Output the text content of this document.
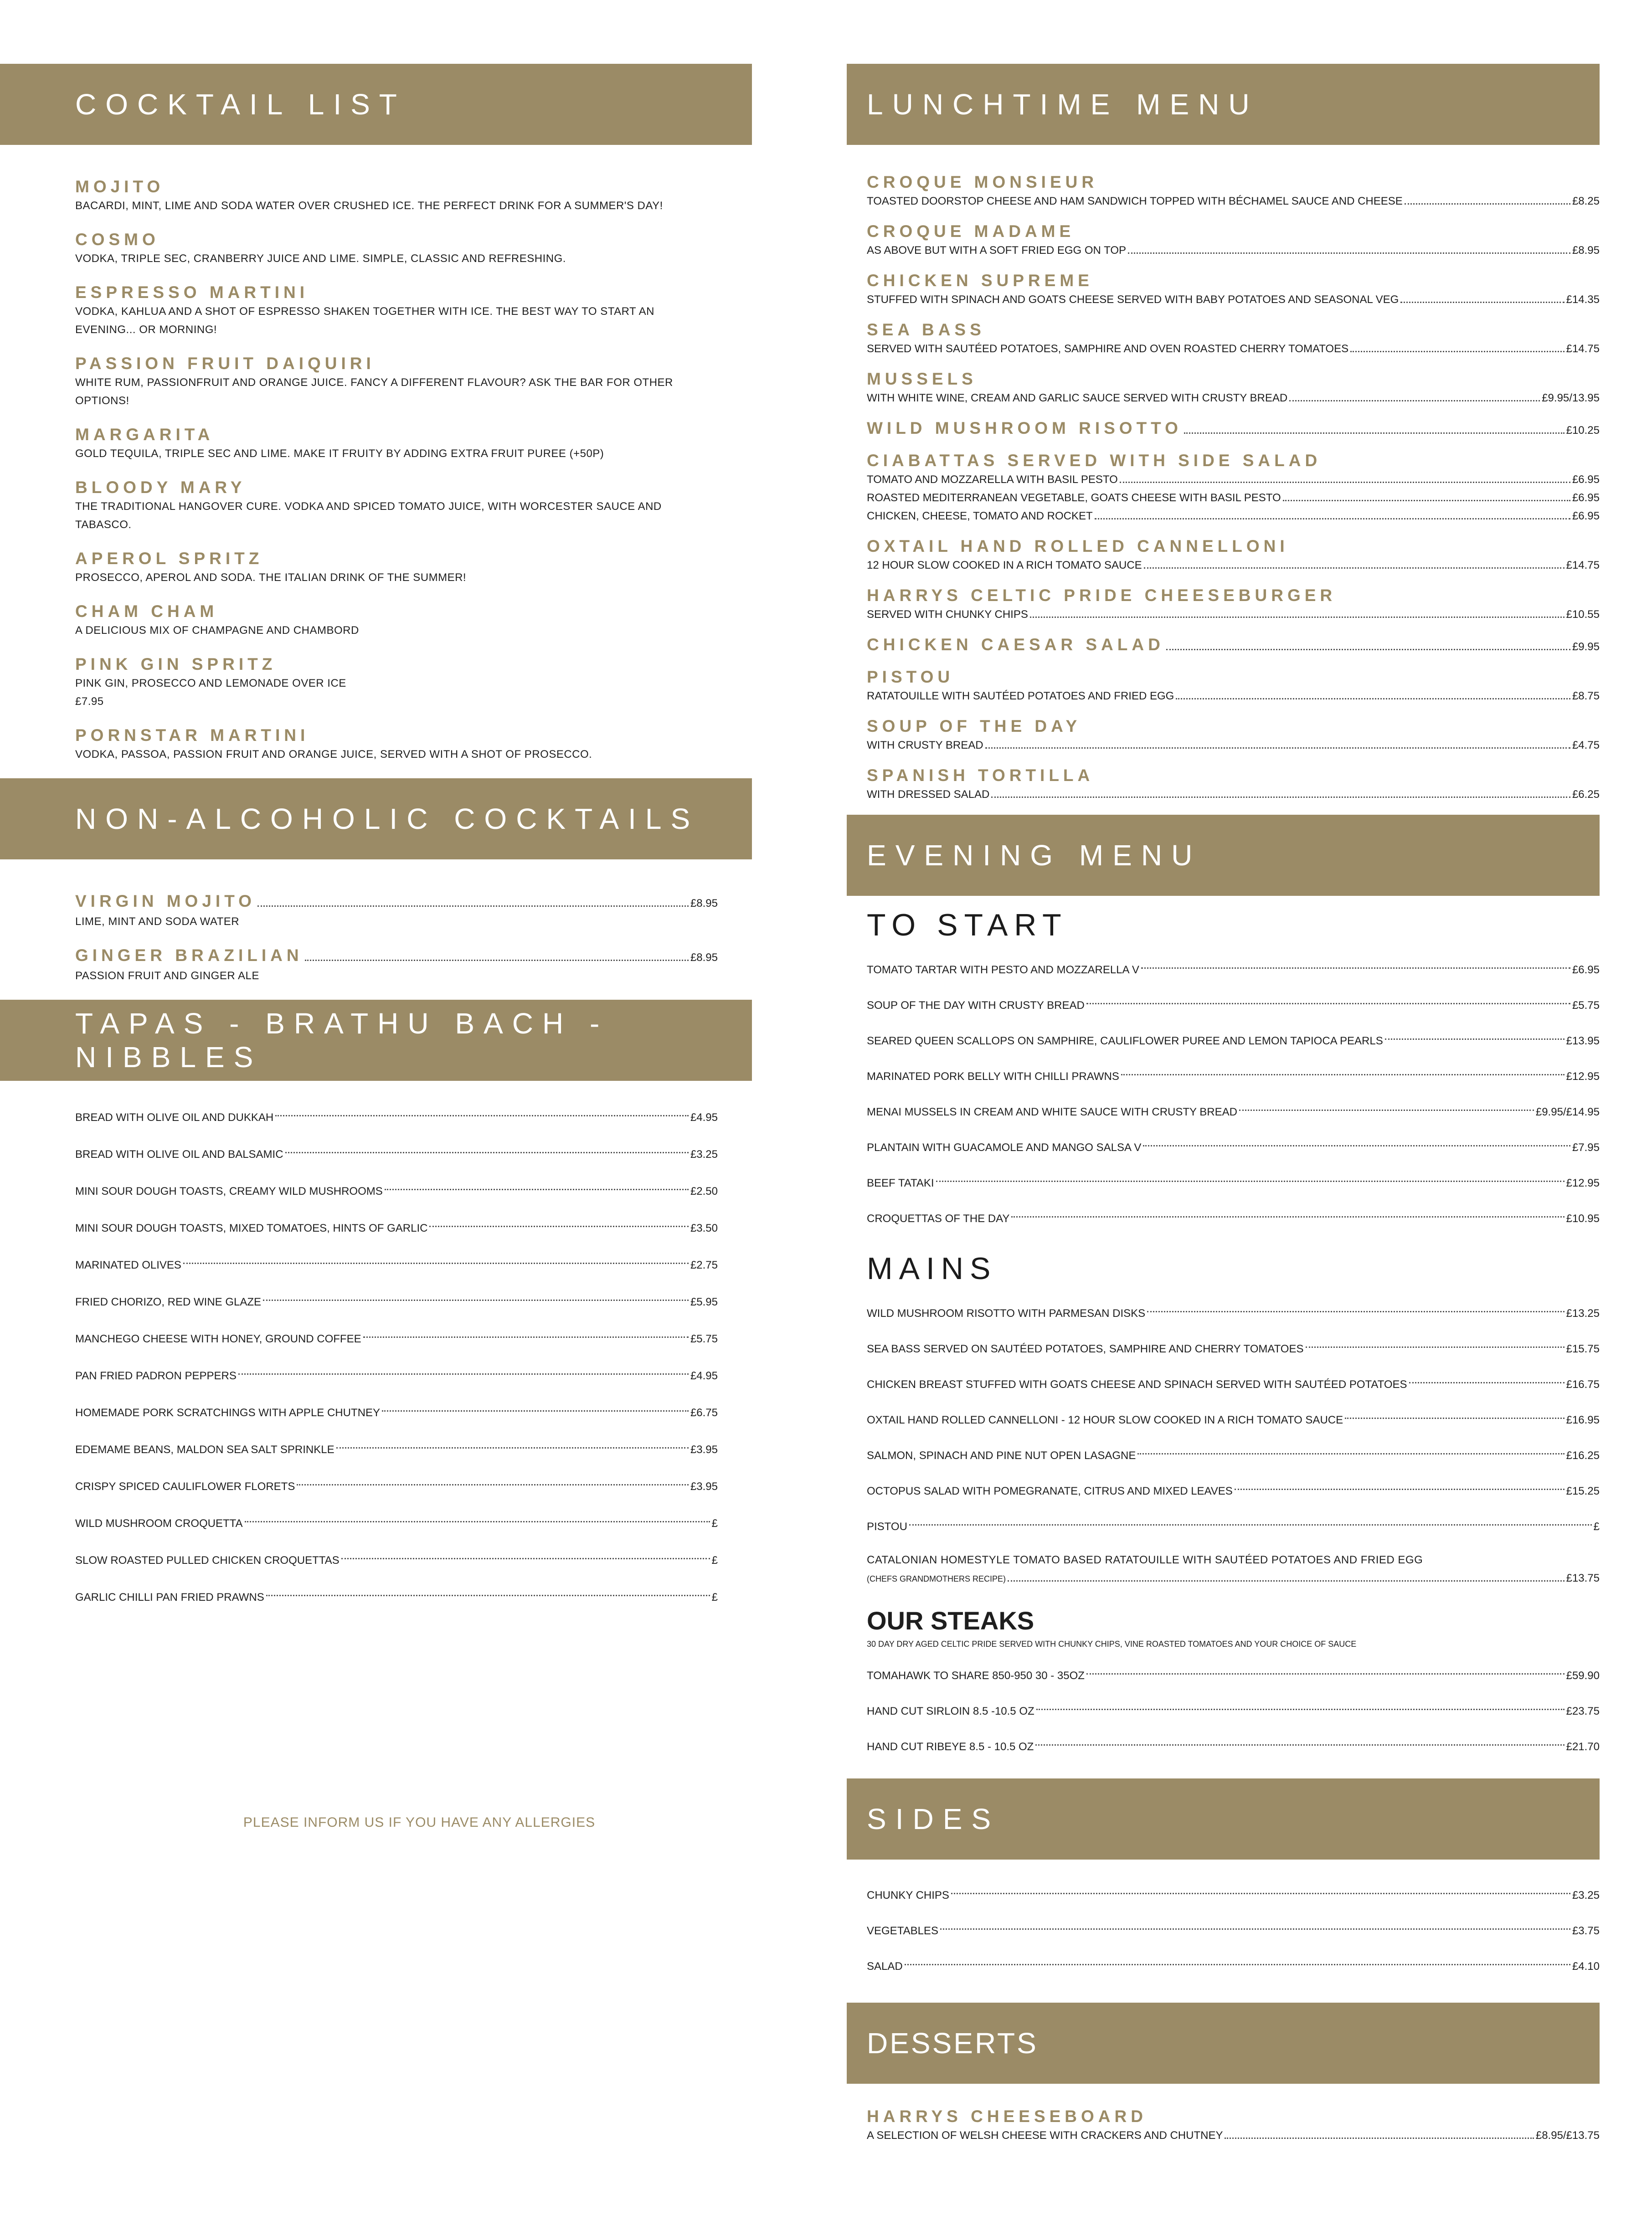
COCKTAIL LIST
MOJITO
BACARDI, MINT, LIME AND SODA WATER OVER CRUSHED ICE. THE PERFECT DRINK FOR A SUMMER'S DAY!
COSMO
VODKA, TRIPLE SEC, CRANBERRY JUICE AND LIME. SIMPLE, CLASSIC AND REFRESHING.
ESPRESSO MARTINI
VODKA, KAHLUA AND A SHOT OF ESPRESSO SHAKEN TOGETHER WITH ICE. THE BEST WAY TO START AN EVENING... OR MORNING!
PASSION FRUIT DAIQUIRI
WHITE RUM, PASSIONFRUIT AND ORANGE JUICE. FANCY A DIFFERENT FLAVOUR? ASK THE BAR FOR OTHER OPTIONS!
MARGARITA
GOLD TEQUILA, TRIPLE SEC AND LIME. MAKE IT FRUITY BY ADDING EXTRA FRUIT PUREE (+50P)
BLOODY MARY
THE TRADITIONAL HANGOVER CURE. VODKA AND SPICED TOMATO JUICE, WITH WORCESTER SAUCE AND TABASCO.
APEROL SPRITZ
PROSECCO, APEROL AND SODA. THE ITALIAN DRINK OF THE SUMMER!
CHAM CHAM
A DELICIOUS MIX OF CHAMPAGNE AND CHAMBORD
PINK GIN SPRITZ
PINK GIN, PROSECCO AND LEMONADE OVER ICE
£7.95
PORNSTAR MARTINI
VODKA, PASSOA, PASSION FRUIT AND ORANGE JUICE, SERVED WITH A SHOT OF PROSECCO.
NON-ALCOHOLIC COCKTAILS
VIRGIN MOJITO	£8.95
LIME, MINT AND SODA WATER
GINGER BRAZILIAN	£8.95
PASSION FRUIT AND GINGER ALE
TAPAS - BRATHU BACH - NIBBLES
BREAD WITH OLIVE OIL AND DUKKAH	£4.95
BREAD WITH OLIVE OIL AND BALSAMIC	£3.25
MINI SOUR DOUGH TOASTS, CREAMY WILD MUSHROOMS	£2.50
MINI SOUR DOUGH TOASTS, MIXED TOMATOES, HINTS OF GARLIC	£3.50
MARINATED OLIVES	£2.75
FRIED CHORIZO, RED WINE GLAZE	£5.95
MANCHEGO CHEESE WITH HONEY, GROUND COFFEE	£5.75
PAN FRIED PADRON PEPPERS	£4.95
HOMEMADE PORK SCRATCHINGS WITH APPLE CHUTNEY	£6.75
EDEMAME BEANS, MALDON SEA SALT SPRINKLE	£3.95
CRISPY SPICED CAULIFLOWER FLORETS	£3.95
WILD MUSHROOM CROQUETTA	£
SLOW ROASTED PULLED CHICKEN CROQUETTAS	£
GARLIC CHILLI PAN FRIED PRAWNS	£
PLEASE INFORM US IF YOU HAVE ANY ALLERGIES
LUNCHTIME MENU
CROQUE MONSIEUR
TOASTED DOORSTOP CHEESE AND HAM SANDWICH TOPPED WITH BÉCHAMEL SAUCE AND CHEESE	£8.25
CROQUE MADAME
AS ABOVE BUT WITH A SOFT FRIED EGG ON TOP	£8.95
CHICKEN SUPREME
STUFFED WITH SPINACH AND GOATS CHEESE SERVED WITH BABY POTATOES AND SEASONAL VEG	£14.35
SEA BASS
SERVED WITH SAUTÉED POTATOES, SAMPHIRE AND OVEN ROASTED CHERRY TOMATOES	£14.75
MUSSELS
WITH WHITE WINE, CREAM AND GARLIC SAUCE SERVED WITH CRUSTY BREAD	£9.95/13.95
WILD MUSHROOM RISOTTO	£10.25
CIABATTAS SERVED WITH SIDE SALAD
TOMATO AND MOZZARELLA WITH BASIL PESTO	£6.95
ROASTED MEDITERRANEAN VEGETABLE, GOATS CHEESE WITH BASIL PESTO	£6.95
CHICKEN, CHEESE, TOMATO AND ROCKET	£6.95
OXTAIL HAND ROLLED CANNELLONI
12 HOUR SLOW COOKED IN A RICH TOMATO SAUCE	£14.75
HARRYS CELTIC PRIDE CHEESEBURGER
SERVED WITH CHUNKY CHIPS	£10.55
CHICKEN CAESAR SALAD	£9.95
PISTOU
RATATOUILLE WITH SAUTÉED POTATOES AND FRIED EGG	£8.75
SOUP OF THE DAY
WITH CRUSTY BREAD	£4.75
SPANISH TORTILLA
WITH DRESSED SALAD	£6.25
EVENING MENU
TO START
TOMATO TARTAR WITH PESTO AND MOZZARELLA V	£6.95
SOUP OF THE DAY WITH CRUSTY BREAD	£5.75
SEARED QUEEN SCALLOPS ON SAMPHIRE, CAULIFLOWER PUREE AND LEMON TAPIOCA PEARLS	£13.95
MARINATED PORK BELLY WITH CHILLI PRAWNS	£12.95
MENAI MUSSELS IN CREAM AND WHITE SAUCE WITH CRUSTY BREAD	£9.95/£14.95
PLANTAIN WITH GUACAMOLE AND MANGO SALSA V	£7.95
BEEF TATAKI	£12.95
CROQUETTAS OF THE DAY	£10.95
MAINS
WILD MUSHROOM RISOTTO WITH PARMESAN DISKS	£13.25
SEA BASS SERVED ON SAUTÉED POTATOES, SAMPHIRE AND CHERRY TOMATOES	£15.75
CHICKEN BREAST STUFFED WITH GOATS CHEESE AND SPINACH SERVED WITH SAUTÉED POTATOES	£16.75
OXTAIL HAND ROLLED CANNELLONI - 12 HOUR SLOW COOKED IN A RICH TOMATO SAUCE	£16.95
SALMON, SPINACH AND PINE NUT OPEN LASAGNE	£16.25
OCTOPUS SALAD WITH POMEGRANATE, CITRUS AND MIXED LEAVES	£15.25
PISTOU	£
CATALONIAN HOMESTYLE TOMATO BASED RATATOUILLE WITH SAUTÉED POTATOES AND FRIED EGG
(CHEFS GRANDMOTHERS RECIPE)	£13.75
OUR STEAKS
30 DAY DRY AGED CELTIC PRIDE SERVED WITH CHUNKY CHIPS, VINE ROASTED TOMATOES AND YOUR CHOICE OF SAUCE
TOMAHAWK TO SHARE 850-950 30 - 35OZ	£59.90
HAND CUT SIRLOIN 8.5 -10.5 OZ	£23.75
HAND CUT RIBEYE 8.5 - 10.5 OZ	£21.70
SIDES
CHUNKY CHIPS	£3.25
VEGETABLES	£3.75
SALAD	£4.10
DESSERTS
HARRYS CHEESEBOARD
A SELECTION OF WELSH CHEESE WITH CRACKERS AND CHUTNEY	£8.95/£13.75
